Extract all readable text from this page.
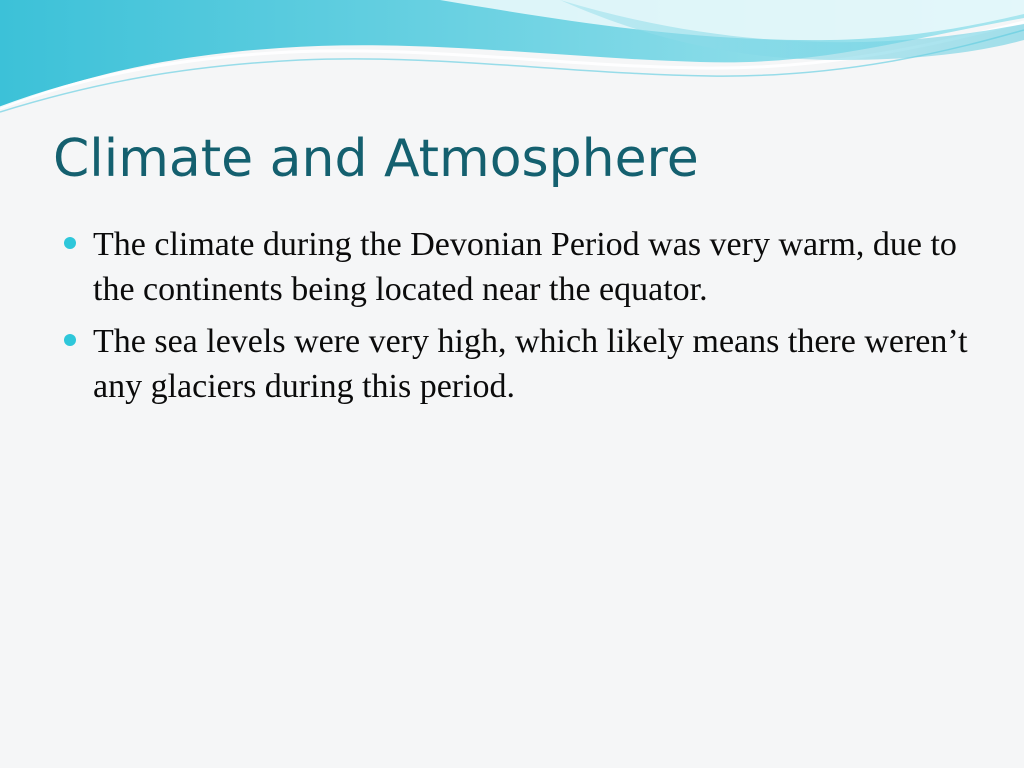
Climate and Atmosphere
The climate during the Devonian Period was very warm, due to the continents being located near the equator.
The sea levels were very high, which likely means there weren’t any glaciers during this period.
